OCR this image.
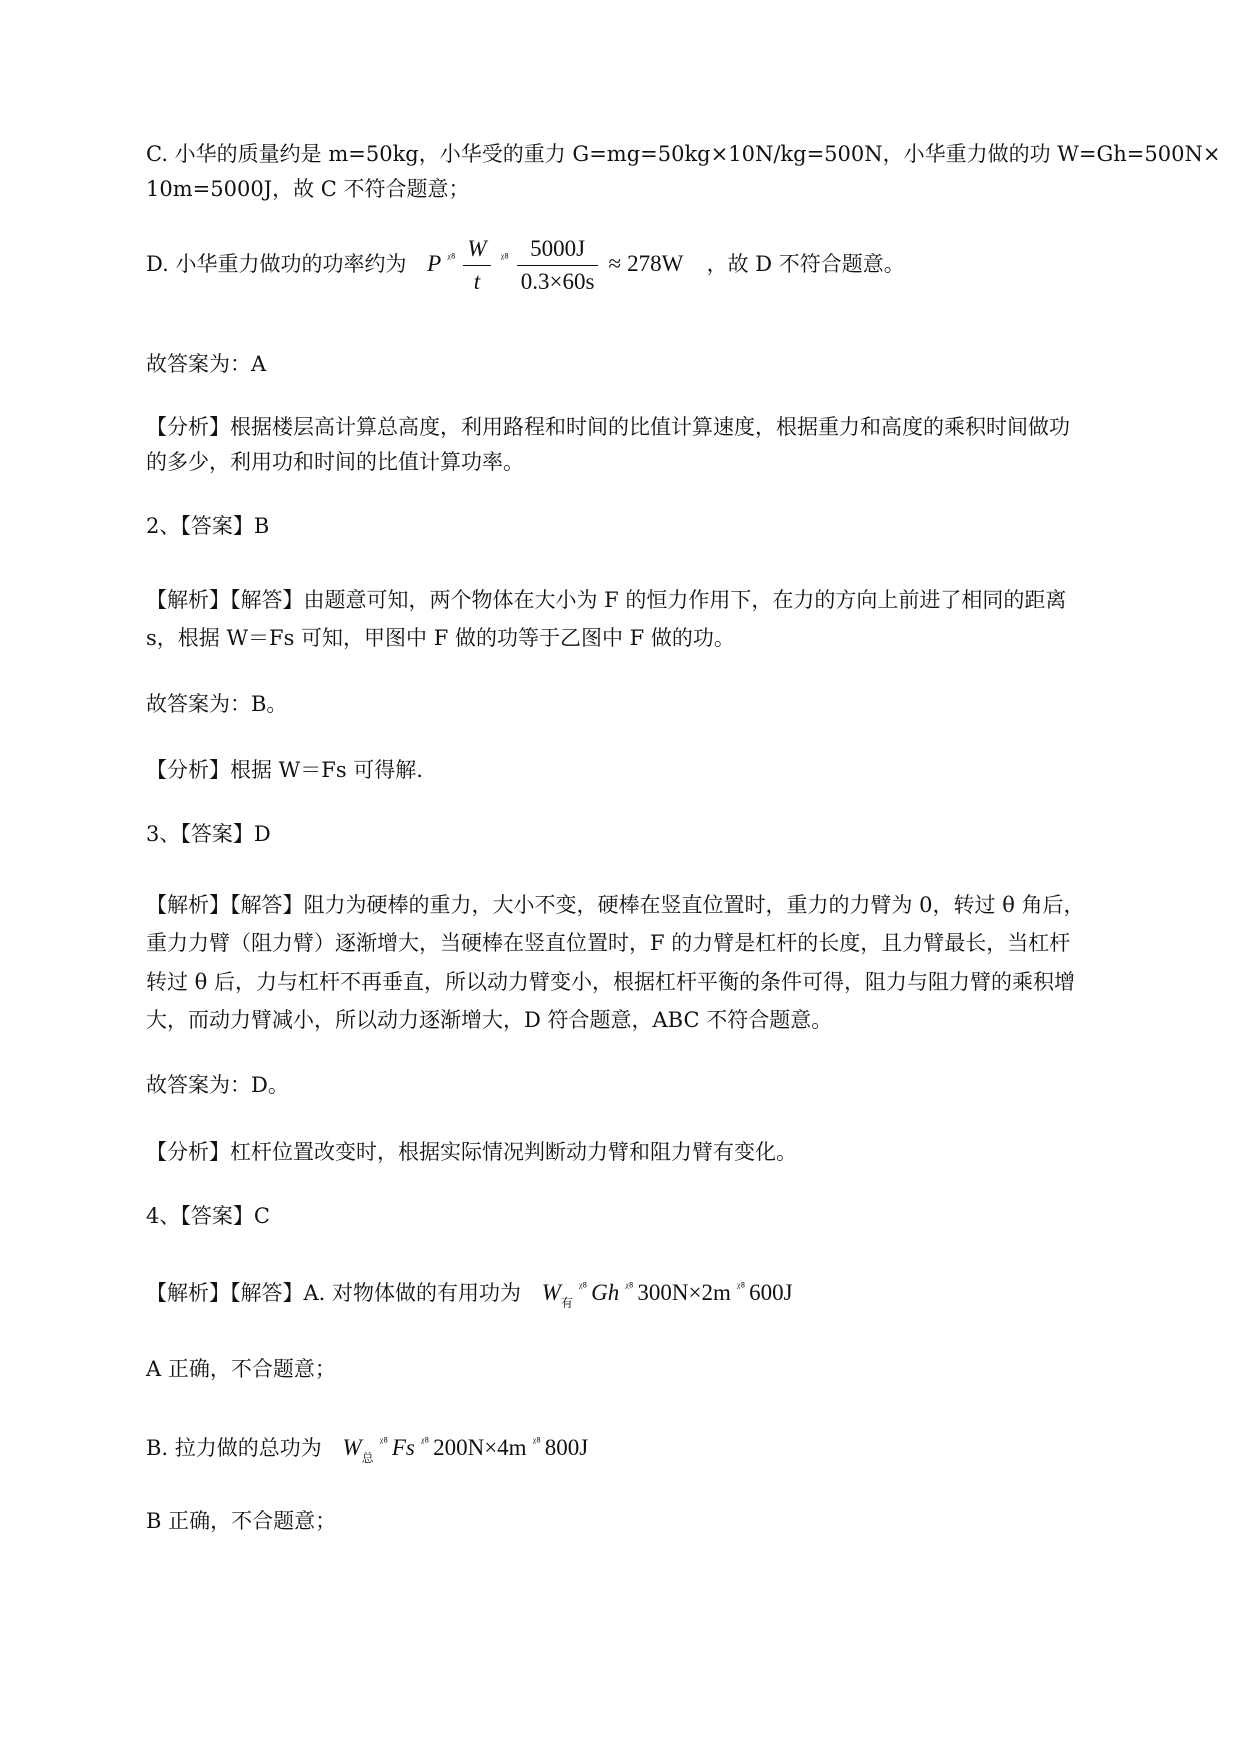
C. 小华的质量约是 m=50kg，小华受的重力 G=mg=50kg×10N/kg=500N，小华重力做的功 W=Gh=500N×
10m=5000J，故 C 不符合题意；
D. 小华重力做功的功率约为 P $^{ᵡ^8} \frac{W}{t} ^{ᵡ^8} \frac{5000J}{0.3\times 60s} \approx 278W$ ，故 D 不符合题意。
故答案为：A
【分析】根据楼层高计算总高度，利用路程和时间的比值计算速度，根据重力和高度的乘积时间做功
的多少，利用功和时间的比值计算功率。
2、【答案】B
【解析】【解答】由题意可知，两个物体在大小为 F 的恒力作用下，在力的方向上前进了相同的距离
s，根据 W＝Fs 可知，甲图中 F 做的功等于乙图中 F 做的功。
故答案为：B。
【分析】根据 W＝Fs 可得解.
3、【答案】D
【解析】【解答】阻力为硬棒的重力，大小不变，硬棒在竖直位置时，重力的力臂为 0，转过 θ 角后，
重力力臂（阻力臂）逐渐增大，当硬棒在竖直位置时，F 的力臂是杠杆的长度，且力臂最长，当杠杆
转过 θ 后，力与杠杆不再垂直，所以动力臂变小，根据杠杆平衡的条件可得，阻力与阻力臂的乘积增
大，而动力臂减小，所以动力逐渐增大，D 符合题意，ABC 不符合题意。
故答案为：D。
【分析】杠杆位置改变时，根据实际情况判断动力臂和阻力臂有变化。
4、【答案】C
【解析】【解答】A. 对物体做的有用功为 $W_有^{ᵡ^8}$ Gh $^{ᵡ^8}$ 300N×2m $^{ᵡ^8}$ 600J
A 正确，不合题意；
B. 拉力做的总功为 $W_总^{ᵡ^8}$ Fs $^{ᵡ^8}$ 200N×4m $^{ᵡ^8}$ 800J
B 正确，不合题意；
